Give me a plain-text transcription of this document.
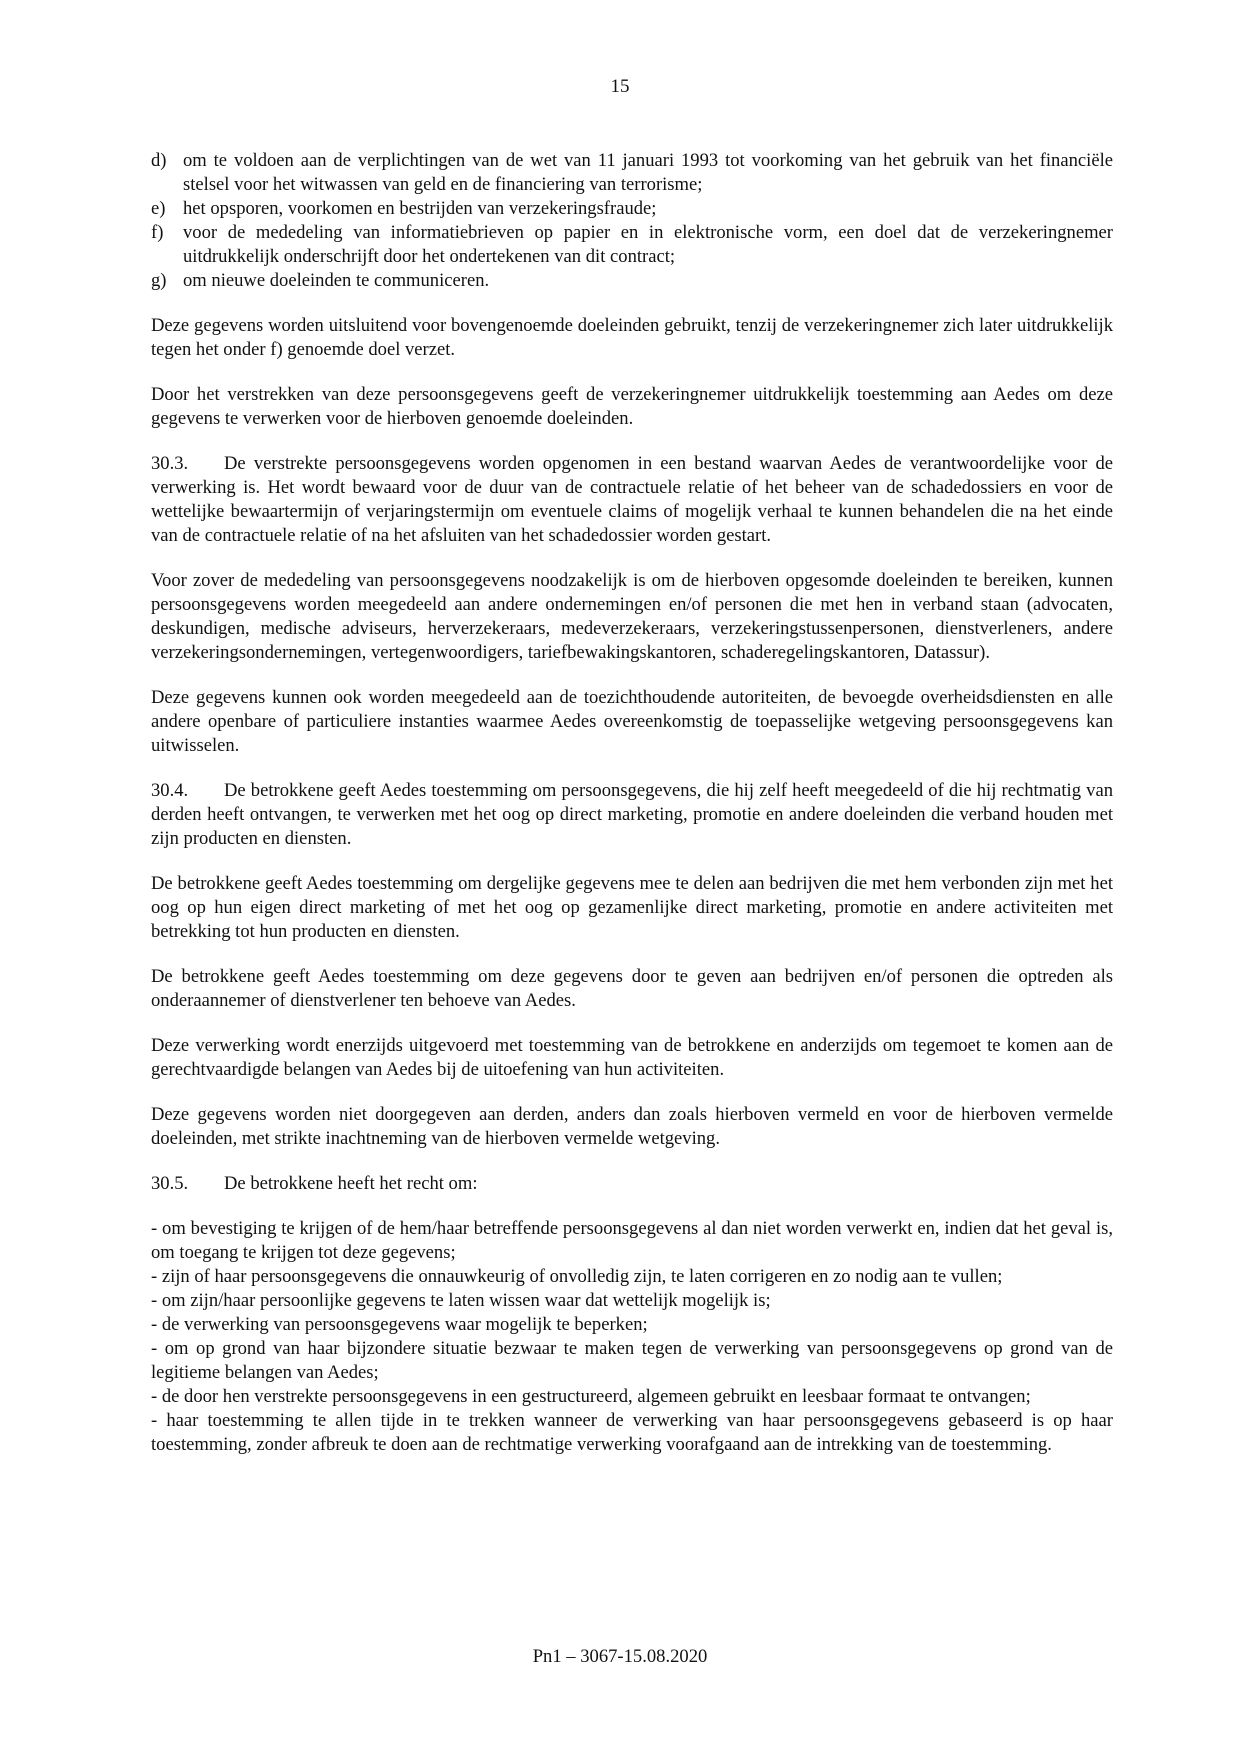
15
d) om te voldoen aan de verplichtingen van de wet van 11 januari 1993 tot voorkoming van het gebruik van het financiële stelsel voor het witwassen van geld en de financiering van terrorisme;
e) het opsporen, voorkomen en bestrijden van verzekeringsfraude;
f)	voor de mededeling van informatiebrieven op papier en in elektronische vorm, een doel dat de verzekeringnemer uitdrukkelijk onderschrijft door het ondertekenen van dit contract;
g) om nieuwe doeleinden te communiceren.

Deze gegevens worden uitsluitend voor bovengenoemde doeleinden gebruikt, tenzij de verzekeringnemer zich later uitdrukkelijk tegen het onder f) genoemde doel verzet.

Door het verstrekken van deze persoonsgegevens geeft de verzekeringnemer uitdrukkelijk toestemming aan Aedes om deze gegevens te verwerken voor de hierboven genoemde doeleinden.

30.3. De verstrekte persoonsgegevens worden opgenomen in een bestand waarvan Aedes de verantwoordelijke voor de verwerking is. Het wordt bewaard voor de duur van de contractuele relatie of het beheer van de schadedossiers en voor de wettelijke bewaartermijn of verjaringstermijn om eventuele claims of mogelijk verhaal te kunnen behandelen die na het einde van de contractuele relatie of na het afsluiten van het schadedossier worden gestart.

Voor zover de mededeling van persoonsgegevens noodzakelijk is om de hierboven opgesomde doeleinden te bereiken, kunnen persoonsgegevens worden meegedeeld aan andere ondernemingen en/of personen die met hen in verband staan (advocaten, deskundigen, medische adviseurs, herverzekeraars, medeverzekeraars, verzekeringstussenpersonen, dienstverleners, andere verzekeringsondernemingen, vertegenwoordigers, tariefbewakingskantoren, schaderegelingskantoren, Datassur).

Deze gegevens kunnen ook worden meegedeeld aan de toezichthoudende autoriteiten, de bevoegde overheidsdiensten en alle andere openbare of particuliere instanties waarmee Aedes overeenkomstig de toepasselijke wetgeving persoonsgegevens kan uitwisselen.

30.4. De betrokkene geeft Aedes toestemming om persoonsgegevens, die hij zelf heeft meegedeeld of die hij rechtmatig van derden heeft ontvangen, te verwerken met het oog op direct marketing, promotie en andere doeleinden die verband houden met zijn producten en diensten.

De betrokkene geeft Aedes toestemming om dergelijke gegevens mee te delen aan bedrijven die met hem verbonden zijn met het oog op hun eigen direct marketing of met het oog op gezamenlijke direct marketing, promotie en andere activiteiten met betrekking tot hun producten en diensten.

De betrokkene geeft Aedes toestemming om deze gegevens door te geven aan bedrijven en/of personen die optreden als onderaannemer of dienstverlener ten behoeve van Aedes.

Deze verwerking wordt enerzijds uitgevoerd met toestemming van de betrokkene en anderzijds om tegemoet te komen aan de gerechtvaardigde belangen van Aedes bij de uitoefening van hun activiteiten.

Deze gegevens worden niet doorgegeven aan derden, anders dan zoals hierboven vermeld en voor de hierboven vermelde doeleinden, met strikte inachtneming van de hierboven vermelde wetgeving.

30.5. De betrokkene heeft het recht om:

- om bevestiging te krijgen of de hem/haar betreffende persoonsgegevens al dan niet worden verwerkt en, indien dat het geval is, om toegang te krijgen tot deze gegevens;

- zijn of haar persoonsgegevens die onnauwkeurig of onvolledig zijn, te laten corrigeren en zo nodig aan te vullen;

- om zijn/haar persoonlijke gegevens te laten wissen waar dat wettelijk mogelijk is;

- de verwerking van persoonsgegevens waar mogelijk te beperken;

- om op grond van haar bijzondere situatie bezwaar te maken tegen de verwerking van persoonsgegevens op grond van de legitieme belangen van Aedes;

- de door hen verstrekte persoonsgegevens in een gestructureerd, algemeen gebruikt en leesbaar formaat te ontvangen;

- haar toestemming te allen tijde in te trekken wanneer de verwerking van haar persoonsgegevens gebaseerd is op haar toestemming, zonder afbreuk te doen aan de rechtmatige verwerking voorafgaand aan de intrekking van de toestemming.

Pn1 – 3067-15.08.2020
